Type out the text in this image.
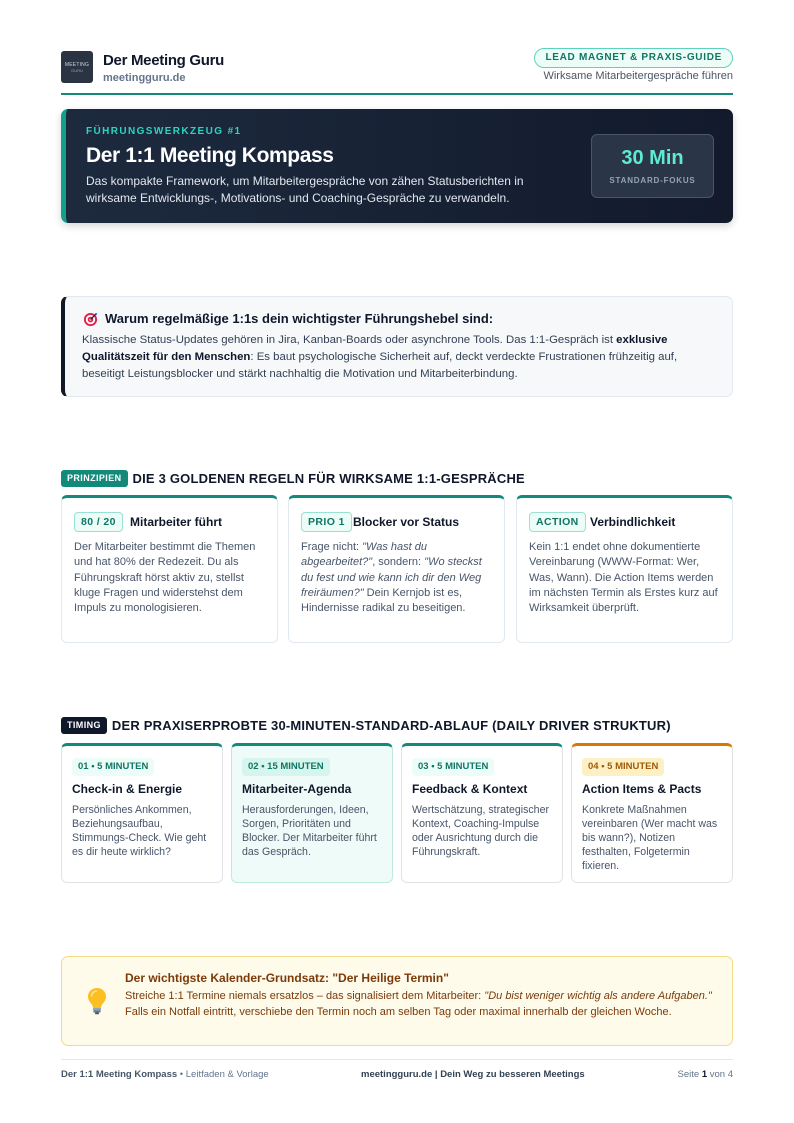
MEETING
GURU
Der Meeting Guru
meetingguru.de
LEAD MAGNET & PRAXIS-GUIDE
Wirksame Mitarbeitergespräche führen
FÜHRUNGSWERKZEUG #1
Der 1:1 Meeting Kompass
Das kompakte Framework, um Mitarbeitergespräche von zähen Statusberichten in wirksame Entwicklungs-, Motivations- und Coaching-Gespräche zu verwandeln.
30 Min
STANDARD-FOKUS
Warum regelmäßige 1:1s dein wichtigster Führungshebel sind:
Klassische Status-Updates gehören in Jira, Kanban-Boards oder asynchrone Tools. Das 1:1-Gespräch ist exklusive Qualitätszeit für den Menschen: Es baut psychologische Sicherheit auf, deckt verdeckte Frustrationen frühzeitig auf, beseitigt Leistungsblocker und stärkt nachhaltig die Motivation und Mitarbeiterbindung.
PRINZIPIEN DIE 3 GOLDENEN REGELN FÜR WIRKSAME 1:1-GESPRÄCHE
80 / 20	Mitarbeiter führt
Der Mitarbeiter bestimmt die Themen und hat 80% der Redezeit. Du als Führungskraft hörst aktiv zu, stellst kluge Fragen und widerstehst dem Impuls zu monologisieren.
PRIO 1 Blocker vor Status
Frage nicht: "Was hast du abgearbeitet?", sondern: "Wo steckst du fest und wie kann ich dir den Weg freiräumen?" Dein Kernjob ist es, Hindernisse radikal zu beseitigen.
ACTION Verbindlichkeit
Kein 1:1 endet ohne dokumentierte Vereinbarung (WWW-Format: Wer, Was, Wann). Die Action Items werden im nächsten Termin als Erstes kurz auf Wirksamkeit überprüft.
TIMING DER PRAXISERPROBTE 30-MINUTEN-STANDARD-ABLAUF (DAILY DRIVER STRUKTUR)
01 • 5 MINUTEN
Check-in & Energie
Persönliches Ankommen, Beziehungsaufbau, Stimmungs-Check. Wie geht es dir heute wirklich?
02 • 15 MINUTEN
Mitarbeiter-Agenda
Herausforderungen, Ideen, Sorgen, Prioritäten und Blocker. Der Mitarbeiter führt das Gespräch.
03 • 5 MINUTEN
Feedback & Kontext
Wertschätzung, strategischer Kontext, Coaching-Impulse oder Ausrichtung durch die Führungskraft.
04 • 5 MINUTEN
Action Items & Pacts
Konkrete Maßnahmen vereinbaren (Wer macht was bis wann?), Notizen festhalten, Folgetermin fixieren.
Der wichtigste Kalender-Grundsatz: "Der Heilige Termin"
Streiche 1:1 Termine niemals ersatzlos – das signalisiert dem Mitarbeiter: "Du bist weniger wichtig als andere Aufgaben." Falls ein Notfall eintritt, verschiebe den Termin noch am selben Tag oder maximal innerhalb der gleichen Woche.
Der 1:1 Meeting Kompass • Leitfaden & Vorlage	meetingguru.de | Dein Weg zu besseren Meetings	Seite 1 von 4
